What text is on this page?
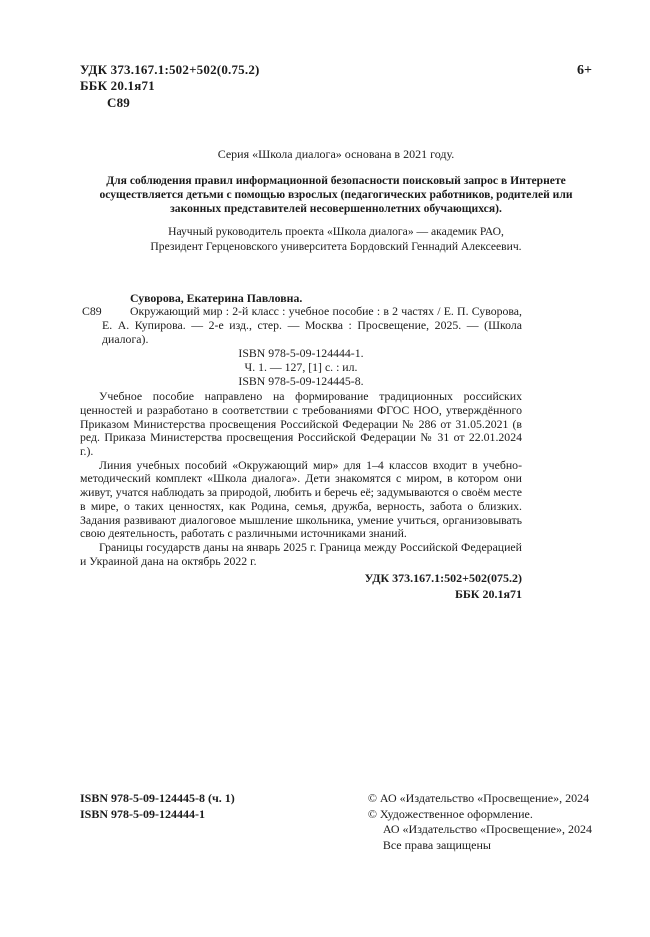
УДК 373.167.1:502+502(0.75.2)
ББК 20.1я71
С89
6+
Серия «Школа диалога» основана в 2021 году.
Для соблюдения правил информационной безопасности поисковый запрос в Интернете осуществляется детьми с помощью взрослых (педагогических работников, родителей или законных представителей несовершеннолетних обучающихся).
Научный руководитель проекта «Школа диалога» — академик РАО,
Президент Герценовского университета Бордовский Геннадий Алексеевич.
Суворова, Екатерина Павловна.
С89	Окружающий мир : 2-й класс : учебное пособие : в 2 частях / Е. П. Суворова, Е. А. Купирова. — 2-е изд., стер. — Москва : Просвещение, 2025. — (Школа диалога).

ISBN 978-5-09-124444-1.
Ч. 1. — 127, [1] с. : ил.
ISBN 978-5-09-124445-8.

Учебное пособие направлено на формирование традиционных российских ценностей и разработано в соответствии с требованиями ФГОС НОО, утверждённого Приказом Министерства просвещения Российской Федерации № 286 от 31.05.2021 (в ред. Приказа Министерства просвещения Российской Федерации № 31 от 22.01.2024 г.).

Линия учебных пособий «Окружающий мир» для 1–4 классов входит в учебно-методический комплект «Школа диалога». Дети знакомятся с миром, в котором они живут, учатся наблюдать за природой, любить и беречь её; задумываются о своём месте в мире, о таких ценностях, как Родина, семья, дружба, верность, забота о близких. Задания развивают диалоговое мышление школьника, умение учиться, организовывать свою деятельность, работать с различными источниками знаний.

Границы государств даны на январь 2025 г. Граница между Российской Федерацией и Украиной дана на октябрь 2022 г.

УДК 373.167.1:502+502(075.2)
ББК 20.1я71
ISBN 978-5-09-124445-8 (ч. 1)
ISBN 978-5-09-124444-1
© АО «Издательство «Просвещение», 2024
© Художественное оформление.
АО «Издательство «Просвещение», 2024
Все права защищены
